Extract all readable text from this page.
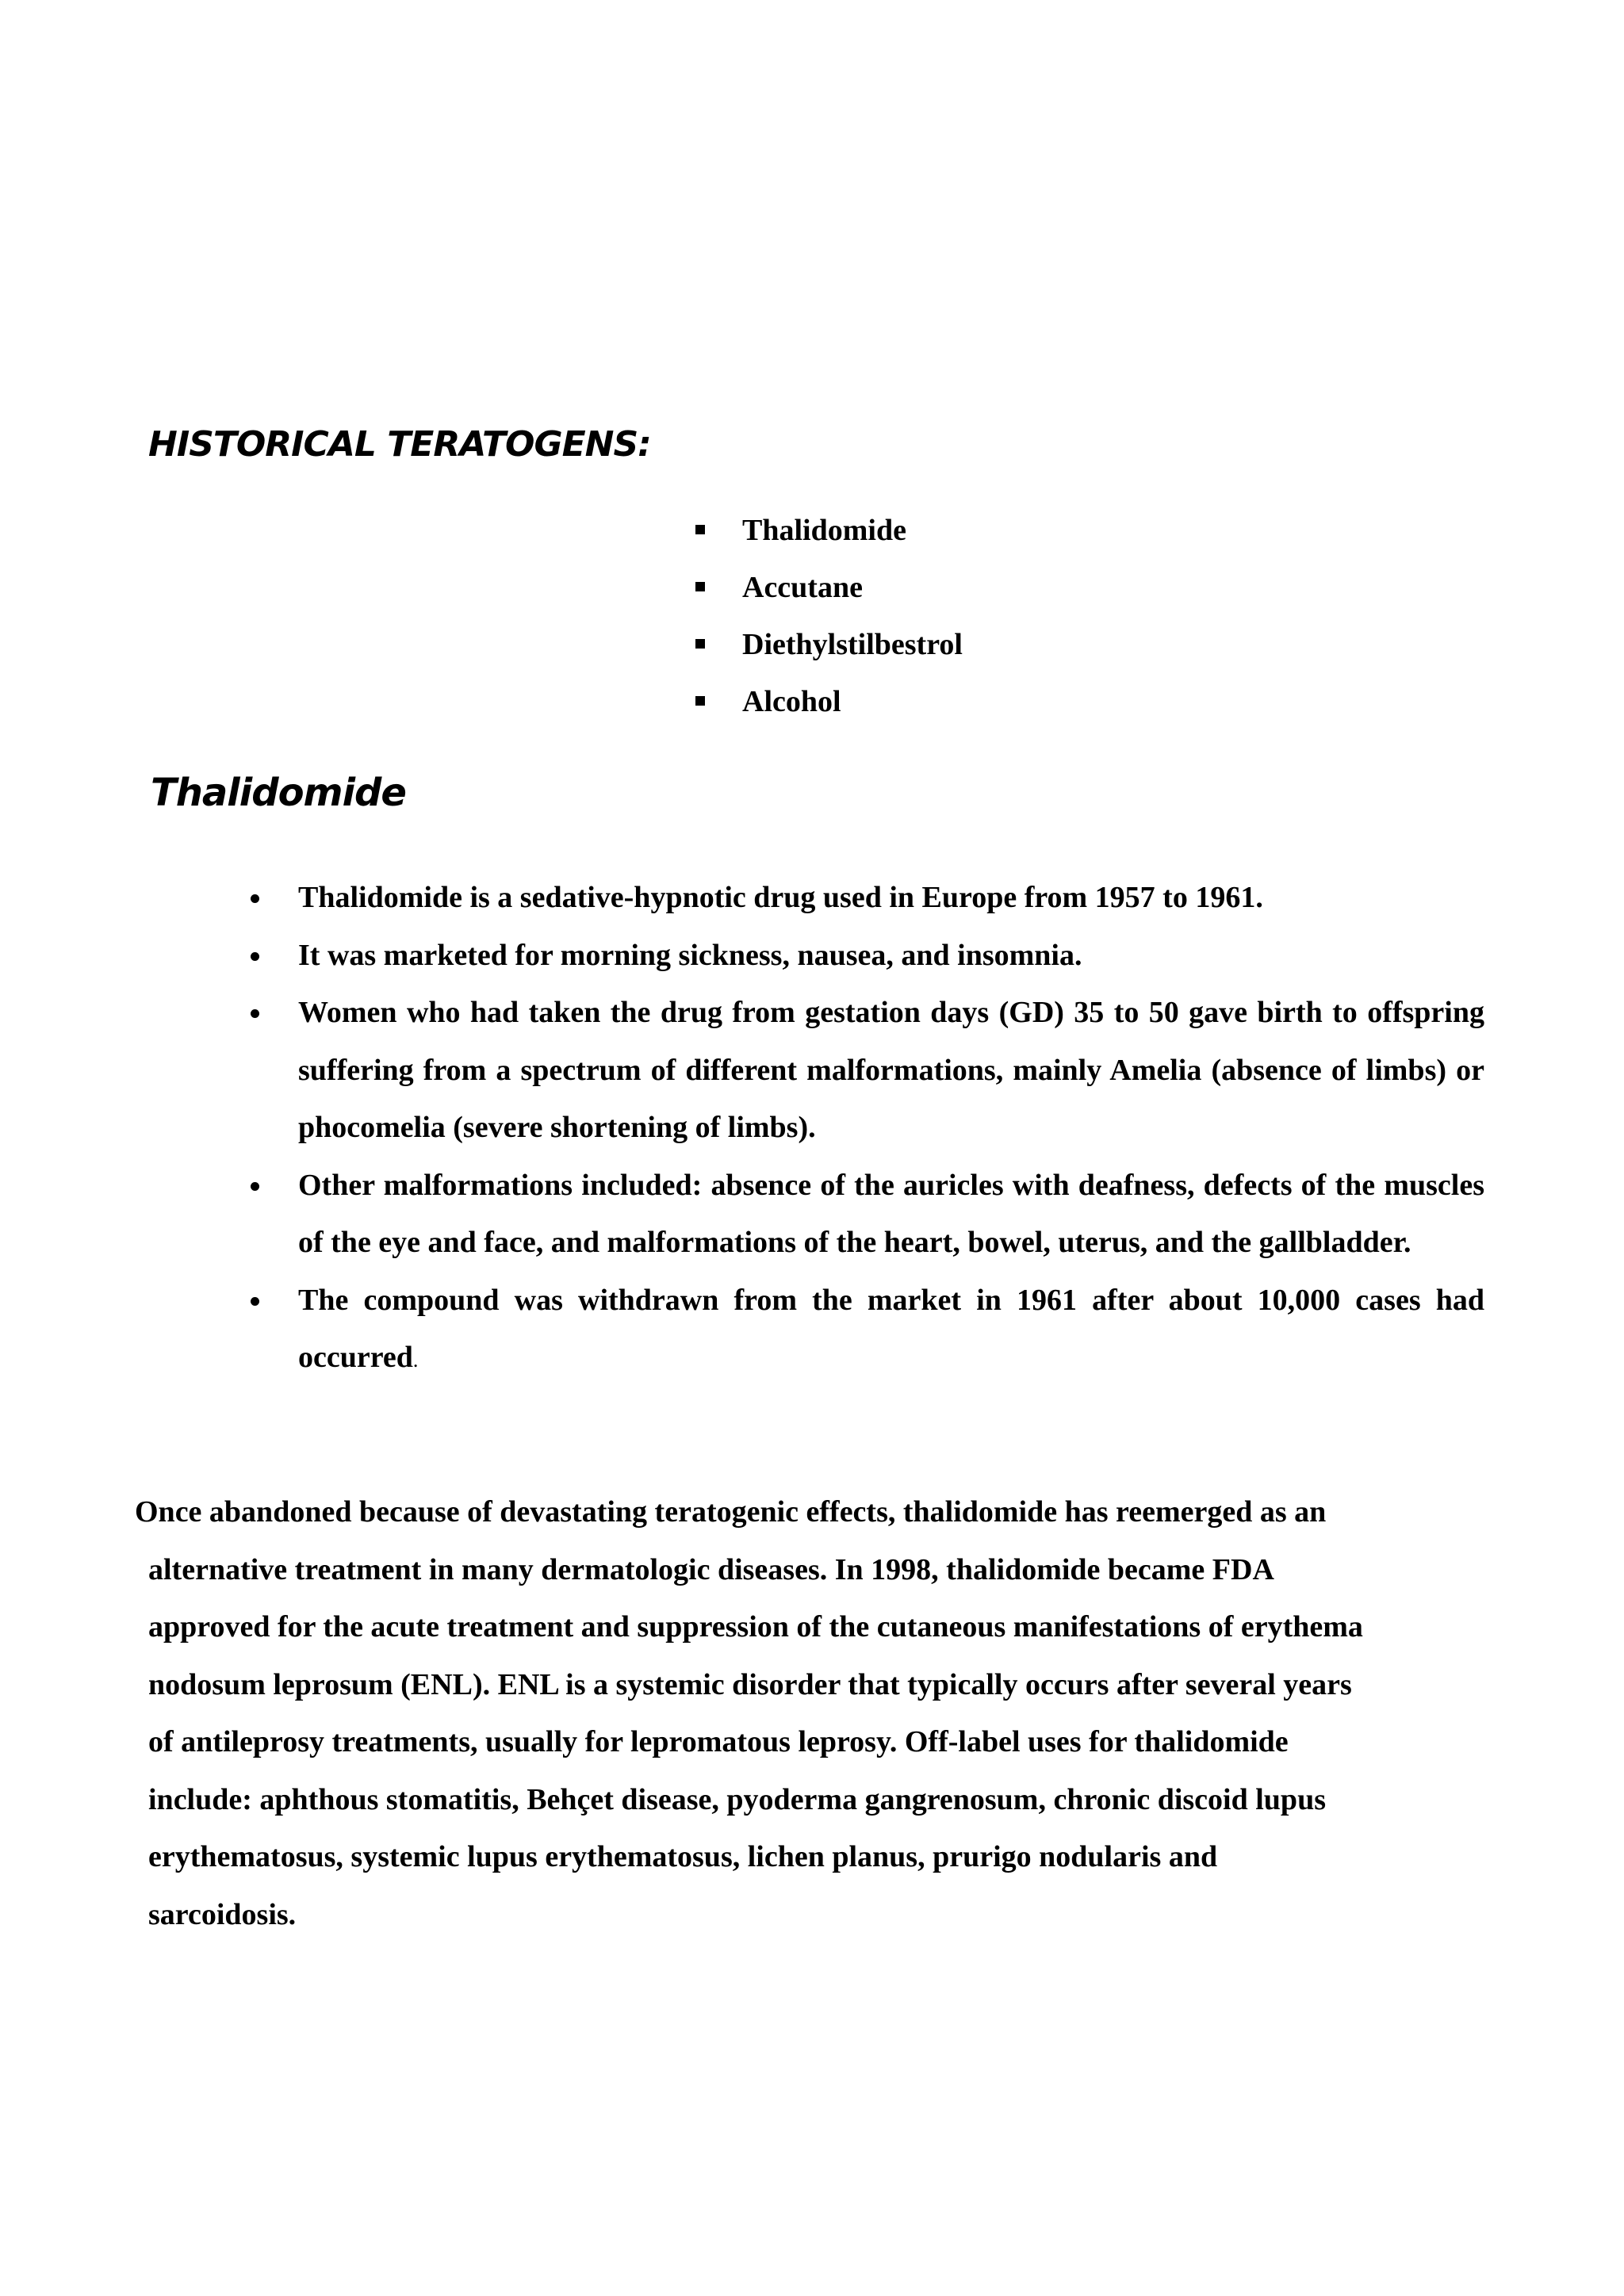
HISTORICAL TERATOGENS:
Thalidomide
Accutane
Diethylstilbestrol
Alcohol
Thalidomide
Thalidomide is a sedative-hypnotic drug used in Europe from 1957 to 1961.
It was marketed for morning sickness, nausea, and insomnia.
Women who had taken the drug from gestation days (GD) 35 to 50 gave birth to offspring suffering from a spectrum of different malformations, mainly Amelia (absence of limbs) or phocomelia (severe shortening of limbs).
Other malformations included: absence of the auricles with deafness, defects of the muscles of the eye and face, and malformations of the heart, bowel, uterus, and the gallbladder.
The compound was withdrawn from the market in 1961 after about 10,000 cases had occurred.

Once abandoned because of devastating teratogenic effects, thalidomide has reemerged as an
alternative treatment in many dermatologic diseases. In 1998, thalidomide became FDA
approved for the acute treatment and suppression of the cutaneous manifestations of erythema
nodosum leprosum (ENL). ENL is a systemic disorder that typically occurs after several years
of antileprosy treatments, usually for lepromatous leprosy. Off-label uses for thalidomide
include: aphthous stomatitis, Behçet disease, pyoderma gangrenosum, chronic discoid lupus
erythematosus, systemic lupus erythematosus, lichen planus, prurigo nodularis and
sarcoidosis.
